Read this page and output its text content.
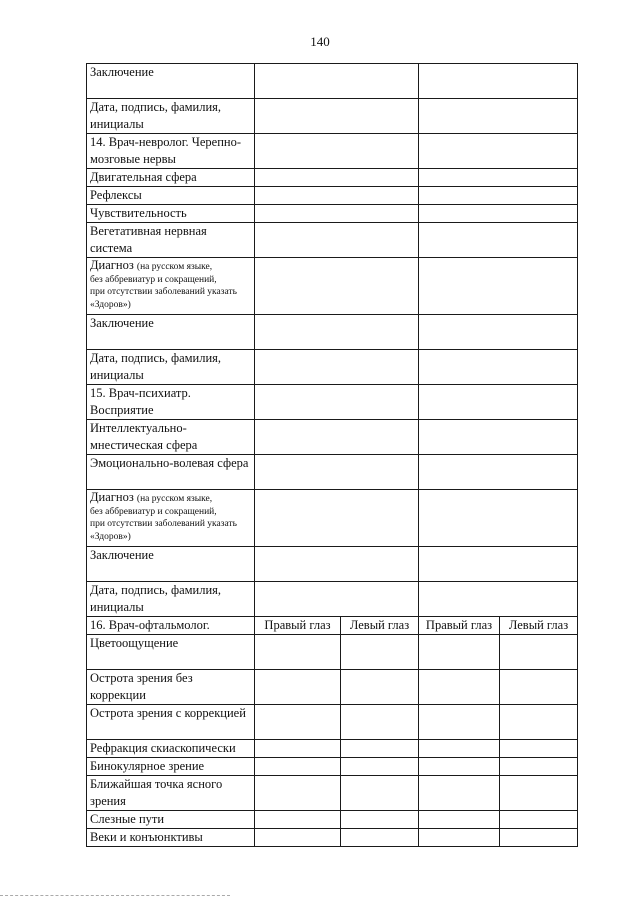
140
Заключение				
Дата, подпись, фамилия, инициалы				
14. Врач-невролог. Черепно-мозговые нервы				
Двигательная сфера				
Рефлексы				
Чувствительность				
Вегетативная нервная система				

Диагноз (на русском языке,
без аббревиатур и сокращений,
при отсутствии заболеваний указать
«Здоров»)				

Заключение				
Дата, подпись, фамилия, инициалы				
15. Врач-психиатр. Восприятие				
Интеллектуально-мнестическая сфера				
Эмоционально-волевая сфера				

Диагноз (на русском языке,
без аббревиатур и сокращений,
при отсутствии заболеваний указать
«Здоров»)				

Заключение				
Дата, подпись, фамилия, инициалы				
16. Врач-офтальмолог.	Правый глаз	Левый глаз	Правый глаз	Левый глаз
Цветоощущение				
Острота зрения без коррекции				
Острота зрения с коррекцией				
Рефракция скиаскопически				
Бинокулярное зрение				
Ближайшая точка ясного зрения				
Слезные пути				
Веки и конъюнктивы				
